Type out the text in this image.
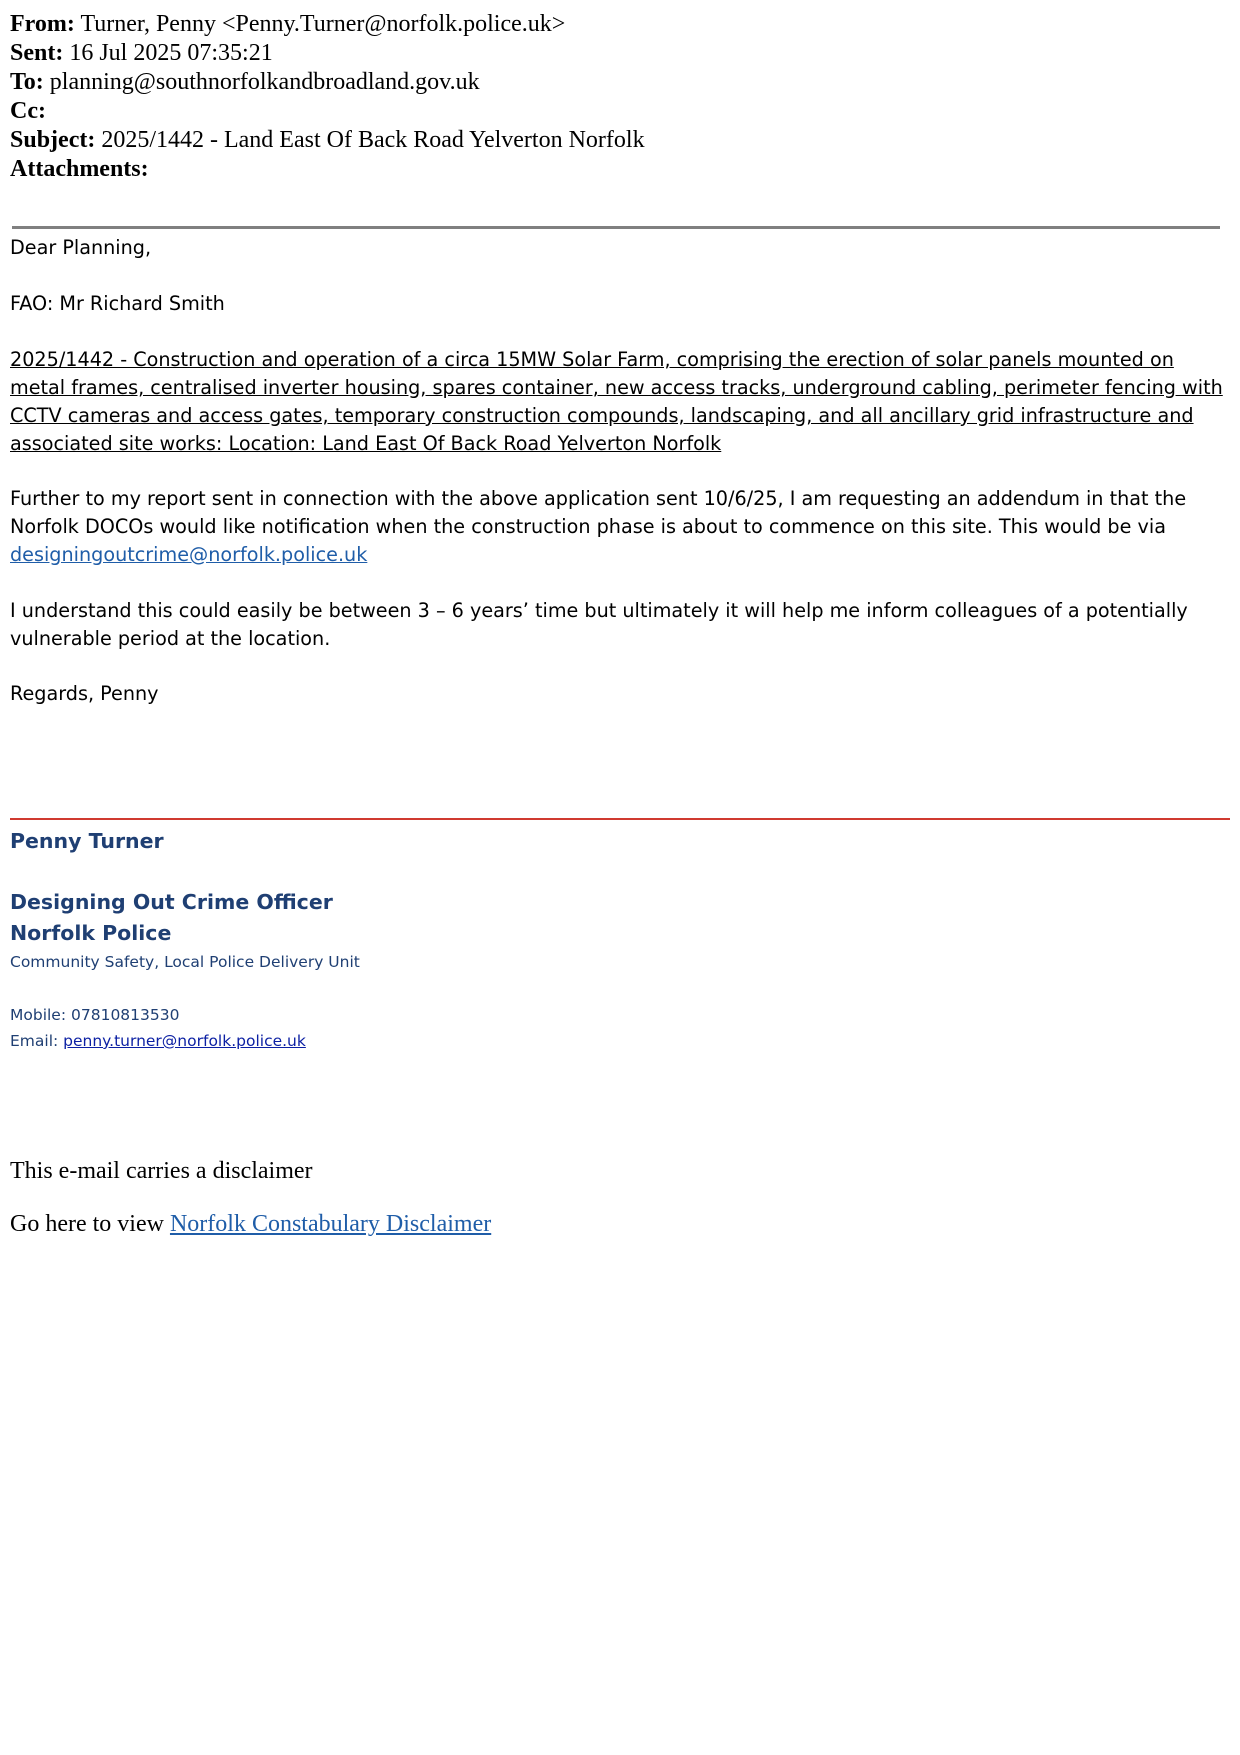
From: Turner, Penny <Penny.Turner@norfolk.police.uk>
Sent: 16 Jul 2025 07:35:21
To: planning@southnorfolkandbroadland.gov.uk
Cc:
Subject: 2025/1442 - Land East Of Back Road Yelverton Norfolk
Attachments:

Dear Planning,

FAO: Mr Richard Smith

2025/1442 - Construction and operation of a circa 15MW Solar Farm, comprising the erection of solar panels mounted on metal frames, centralised inverter housing, spares container, new access tracks, underground cabling, perimeter fencing with CCTV cameras and access gates, temporary construction compounds, landscaping, and all ancillary grid infrastructure and associated site works: Location: Land East Of Back Road Yelverton Norfolk

Further to my report sent in connection with the above application sent 10/6/25, I am requesting an addendum in that the Norfolk DOCOs would like notification when the construction phase is about to commence on this site. This would be via designingoutcrime@norfolk.police.uk

I understand this could easily be between 3 – 6 years’ time but ultimately it will help me inform colleagues of a potentially vulnerable period at the location.

Regards, Penny

Penny Turner

Designing Out Crime Officer

Norfolk Police

Community Safety, Local Police Delivery Unit

Mobile: 07810813530

Email: penny.turner@norfolk.police.uk

This e-mail carries a disclaimer

Go here to view Norfolk Constabulary Disclaimer
